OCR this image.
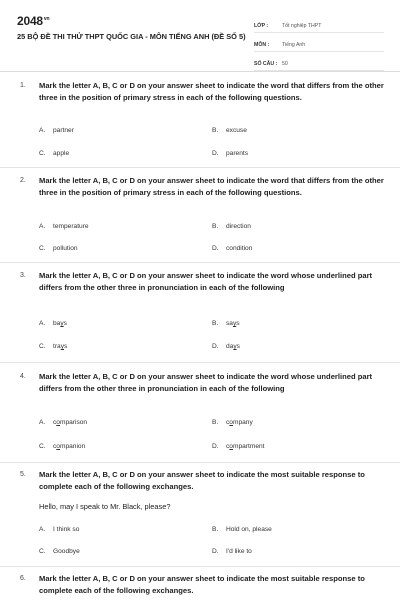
$2048^{vn}$
25 BỘ ĐỀ THI THỬ THPT QUỐC GIA - MÔN TIẾNG ANH (ĐỀ SỐ 5)
LỚP :	Tốt nghiệp THPT
MÔN :	Tiếng Anh
SỐ CÂU : 50
1. Mark the letter A, B, C or D on your answer sheet to indicate the word that differs from the other three in the position of primary stress in each of the following questions.
A. partner	B. excuse
C. apple	D. parents
2. Mark the letter A, B, C or D on your answer sheet to indicate the word that differs from the other three in the position of primary stress in each of the following questions.
A. temperature	B. direction
C. pollution	D. condition
3. Mark the letter A, B, C or D on your answer sheet to indicate the word whose underlined part differs from the other three in pronunciation in each of the following
A. bays	B. says
C. trays	D. days
4. Mark the letter A, B, C or D on your answer sheet to indicate the word whose underlined part differs from the other three in pronunciation in each of the following
A. comparison	B. company
C. companion	D. compartment
5. Mark the letter A, B, C or D on your answer sheet to indicate the most suitable response to complete each of the following exchanges.
Hello, may I speak to Mr. Black, please?
A. I think so	B. Hold on, please
C. Goodbye	D. I'd like to
6. Mark the letter A, B, C or D on your answer sheet to indicate the most suitable response to complete each of the following exchanges.
